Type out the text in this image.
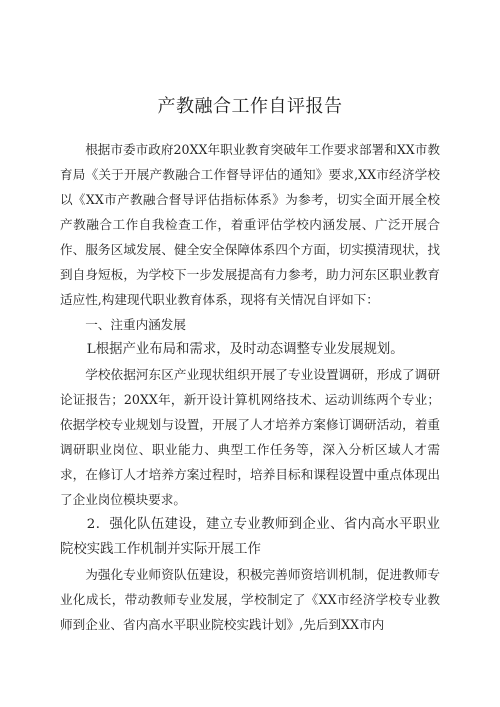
产教融合工作自评报告

根据市委市政府20XX年职业教育突破年工作要求部署和XX市教育局《关于开展产教融合工作督导评估的通知》要求,XX市经济学校以《XX市产教融合督导评估指标体系》为参考，切实全面开展全校产教融合工作自我检查工作，着重评估学校内涵发展、广泛开展合作、服务区域发展、健全安全保障体系四个方面，切实摸清现状，找到自身短板，为学校下一步发展提高有力参考，助力河东区职业教育适应性,构建现代职业教育体系，现将有关情况自评如下：

一、注重内涵发展

L根据产业布局和需求，及时动态调整专业发展规划。

学校依据河东区产业现状组织开展了专业设置调研，形成了调研论证报告；20XX年，新开设计算机网络技术、运动训练两个专业；依据学校专业规划与设置，开展了人才培养方案修订调研活动，着重调研职业岗位、职业能力、典型工作任务等，深入分析区域人才需求，在修订人才培养方案过程时，培养目标和课程设置中重点体现出了企业岗位模块要求。

2．强化队伍建设，建立专业教师到企业、省内高水平职业院校实践工作机制并实际开展工作

为强化专业师资队伍建设，积极完善师资培训机制，促进教师专业化成长，带动教师专业发展，学校制定了《XX市经济学校专业教师到企业、省内高水平职业院校实践计划》,先后到XX市内
